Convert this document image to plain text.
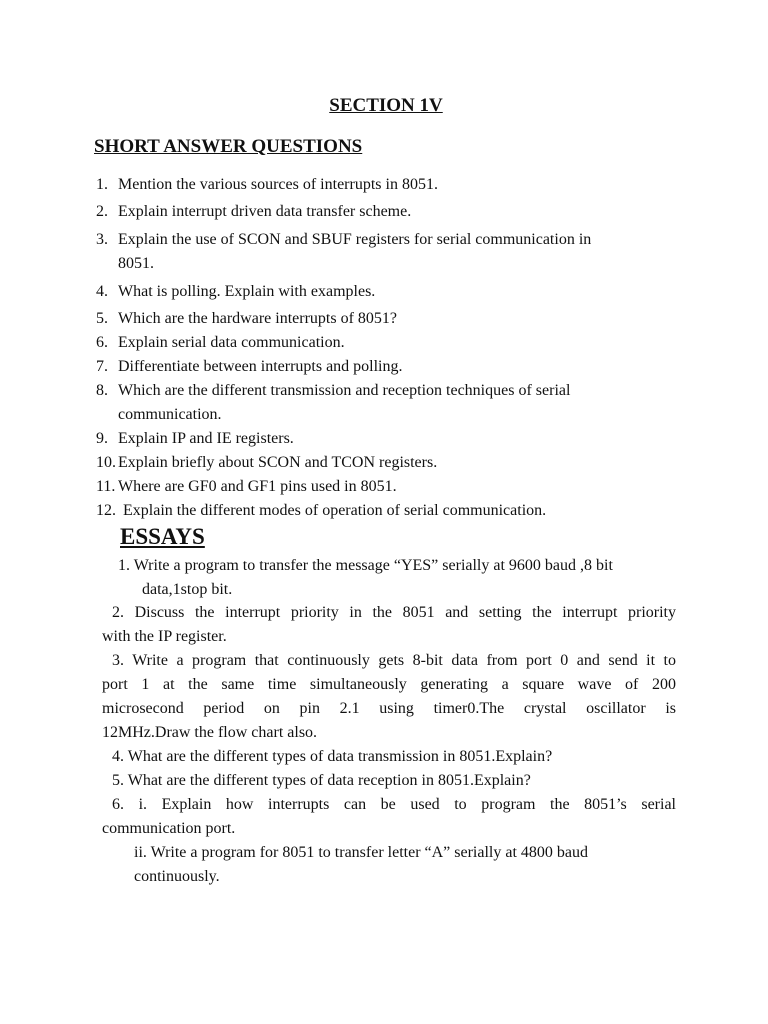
SECTION 1V
SHORT ANSWER QUESTIONS
1. Mention the various sources of interrupts in 8051.
2. Explain interrupt driven data transfer scheme.
3. Explain the use of SCON and SBUF registers for serial communication in
8051.
4. What is polling. Explain with examples.
5. Which are the hardware interrupts of 8051?
6. Explain serial data communication.
7. Differentiate between interrupts and polling.
8. Which are the different transmission and reception techniques of serial
communication.
9. Explain IP and IE registers.
10. Explain briefly about SCON and TCON registers.
11. Where are GF0 and GF1 pins used in 8051.
12. Explain the different modes of operation of serial communication.
ESSAYS
1. Write a program to transfer the message “YES” serially at 9600 baud ,8 bit
data,1stop bit.
2. Discuss the interrupt priority in the 8051 and setting the interrupt priority
with the IP register.
3. Write a program that continuously gets 8-bit data from port 0 and send it to
port 1 at the same time simultaneously generating a square wave of 200
microsecond period on pin 2.1 using timer0.The crystal oscillator is
12MHz.Draw the flow chart also.
4. What are the different types of data transmission in 8051.Explain?
5. What are the different types of data reception in 8051.Explain?
6. i. Explain how interrupts can be used to program the 8051’s serial
communication port.
ii. Write a program for 8051 to transfer letter “A” serially at 4800 baud
continuously.
